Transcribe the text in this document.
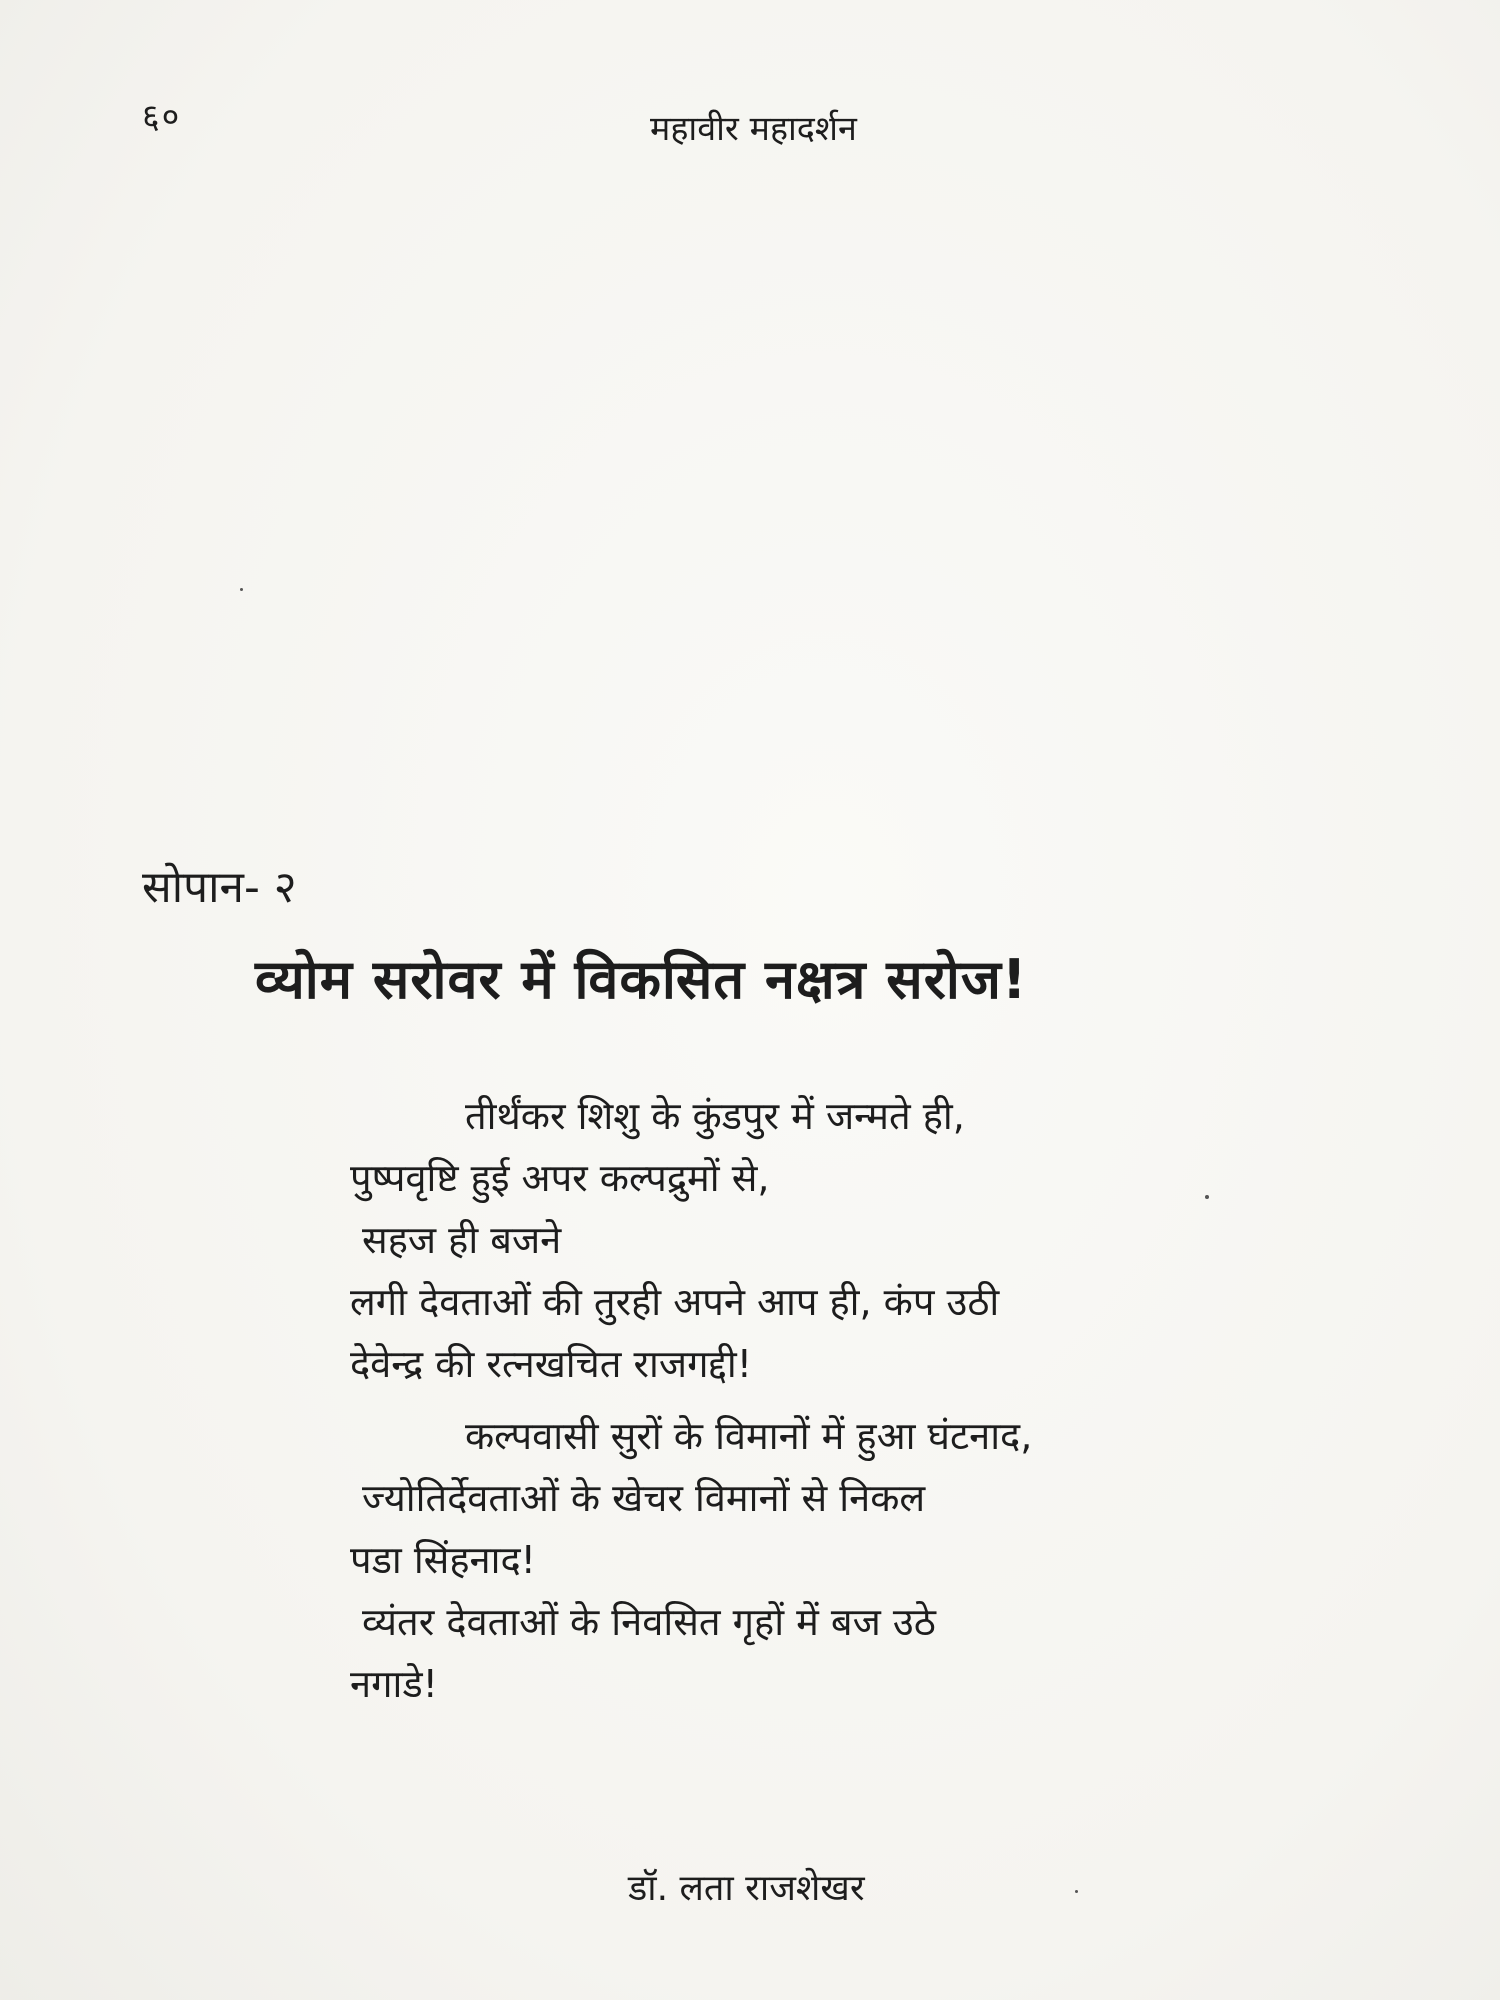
६०	महावीर महादर्शन
सोपान- २
व्योम सरोवर में विकसित नक्षत्र सरोज!
तीर्थंकर शिशु के कुंडपुर में जन्मते ही,
पुष्पवृष्टि हुई अपर कल्पद्रुमों से,
सहज ही बजने
लगी देवताओं की तुरही अपने आप ही, कंप उठी
देवेन्द्र की रत्नखचित राजगद्दी!
कल्पवासी सुरों के विमानों में हुआ घंटनाद,
ज्योतिर्देवताओं के खेचर विमानों से निकल
पडा सिंहनाद!
व्यंतर देवताओं के निवसित गृहों में बज उठे
नगाडे!
डॉ. लता राजशेखर
